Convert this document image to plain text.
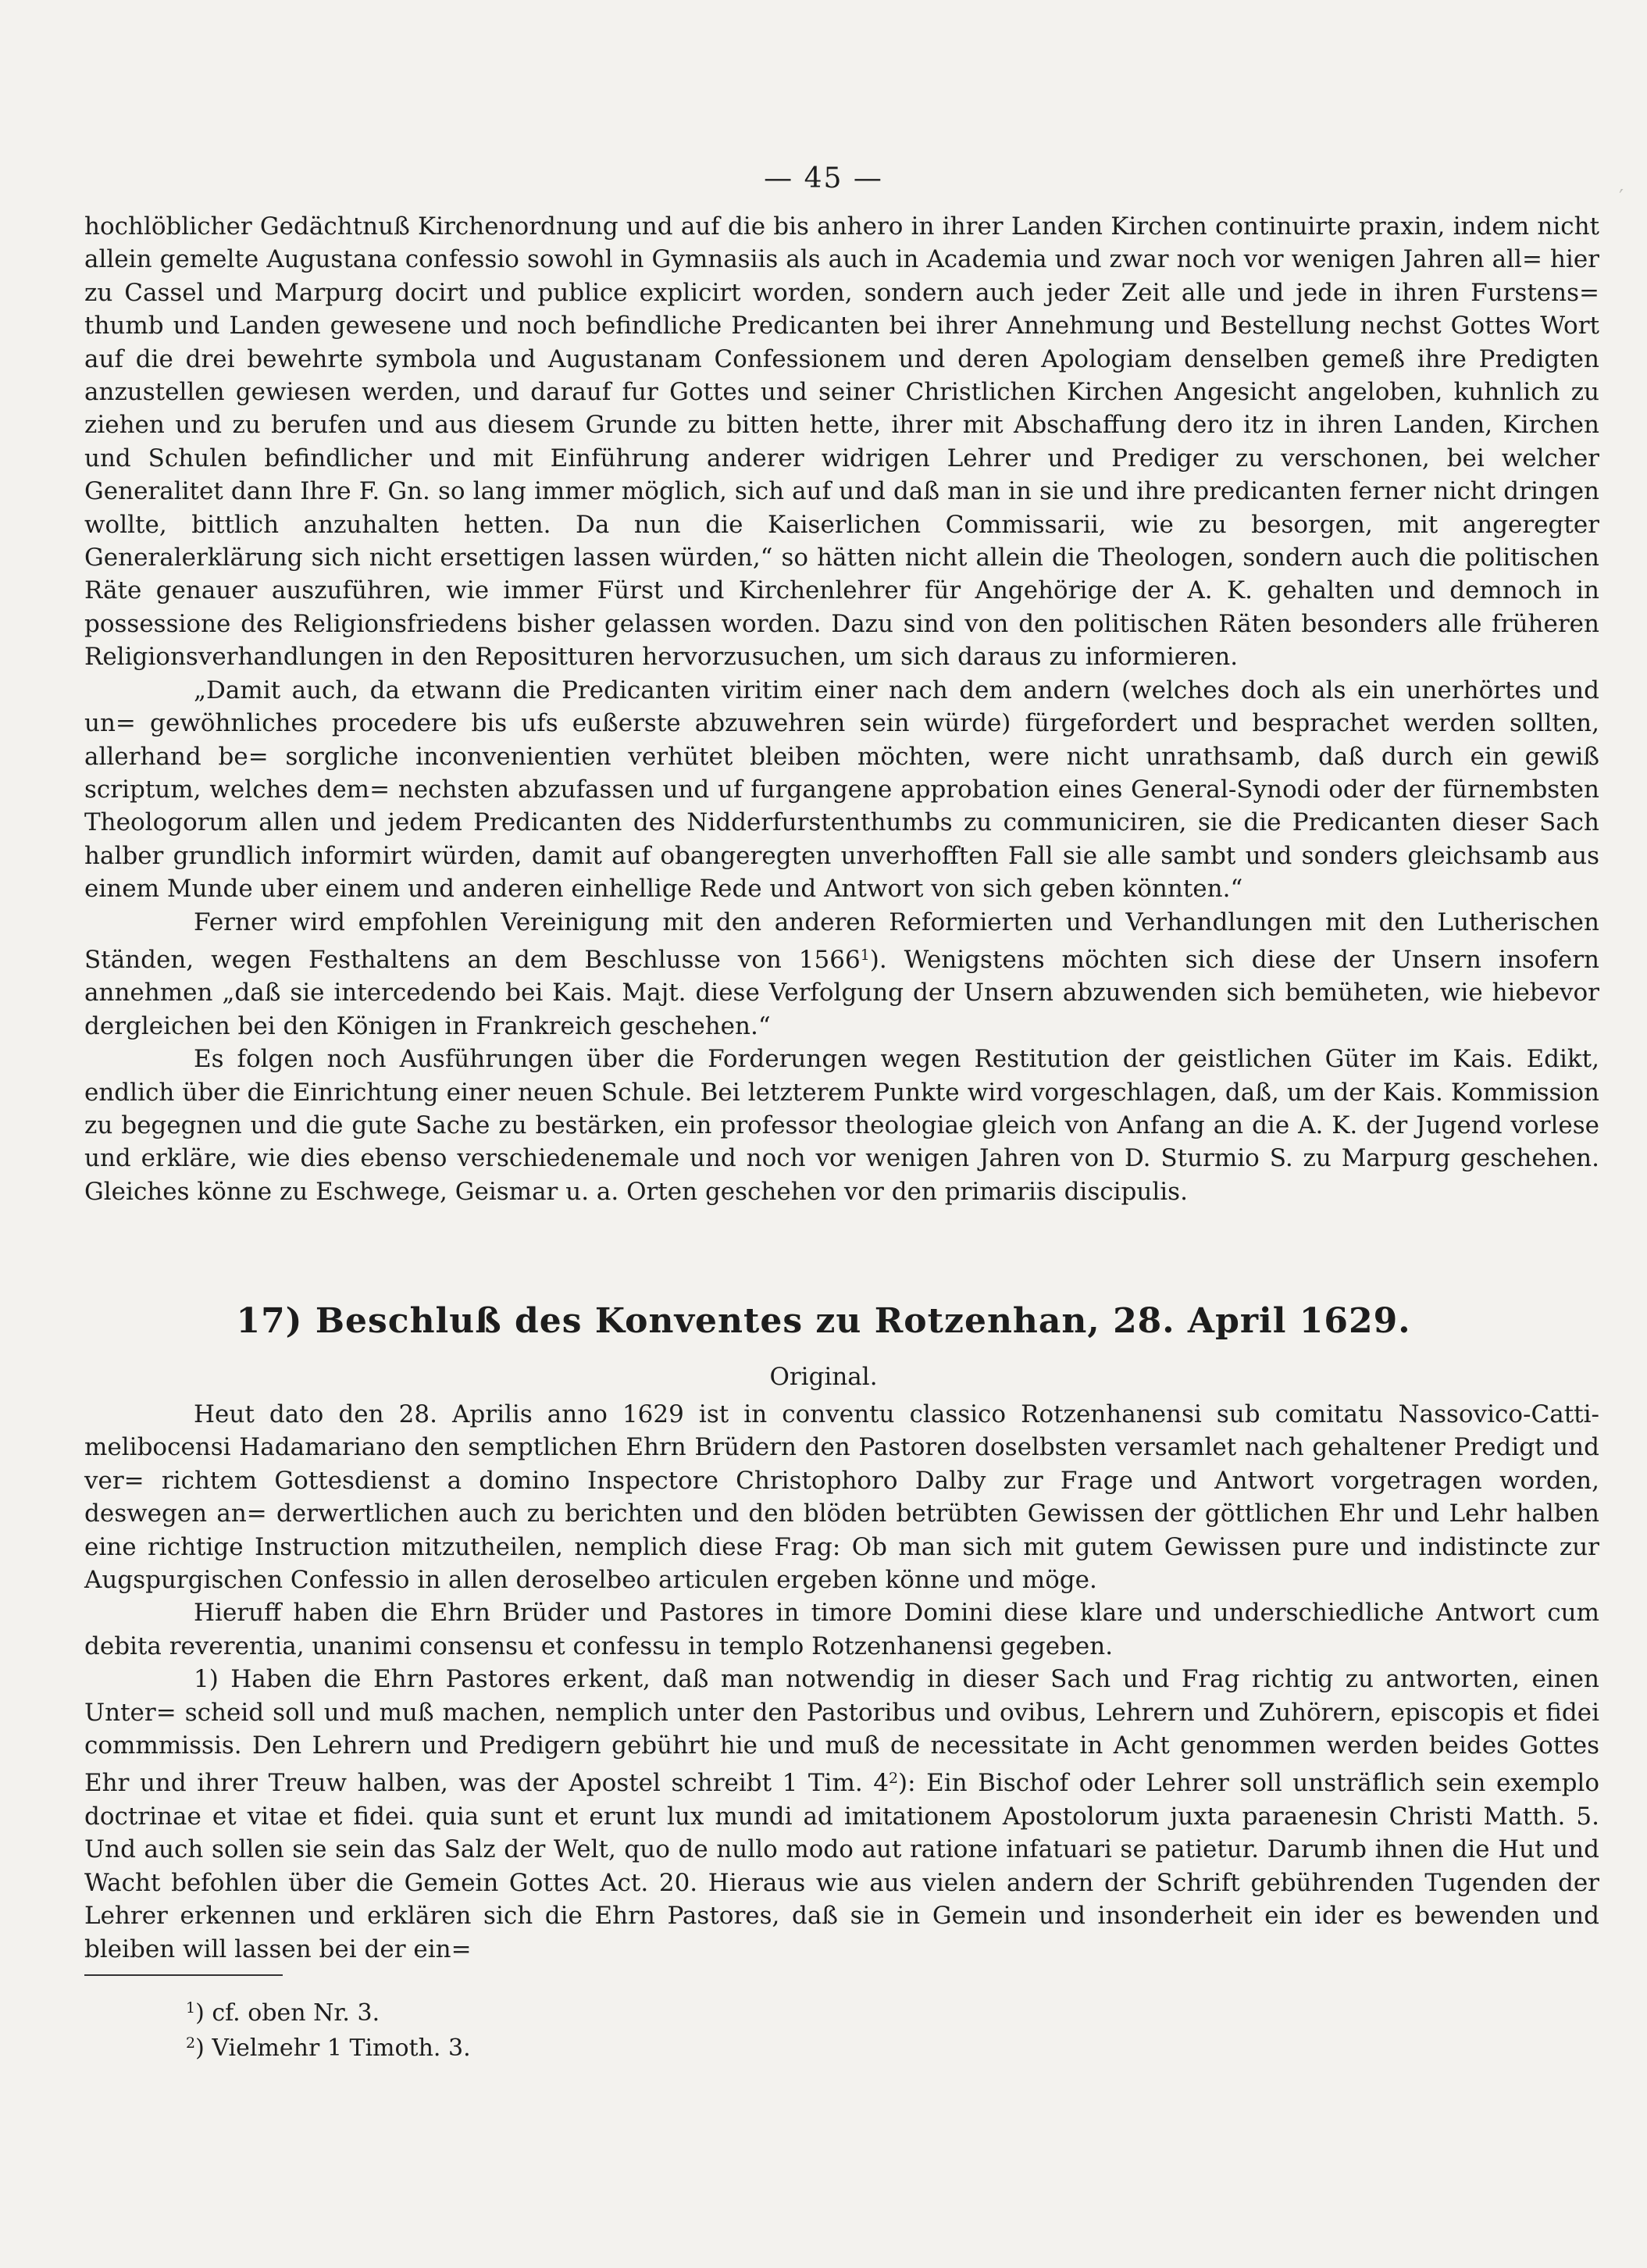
— 45 —
′

hochlöblicher Gedächtnuß Kirchenordnung und auf die bis anhero in ihrer Landen Kirchen continuirte praxin, indem nicht allein gemelte Augustana confessio sowohl in Gymnasiis als auch in Academia und zwar noch vor wenigen Jahren all= hier zu Cassel und Marpurg docirt und publice explicirt worden, sondern auch jeder Zeit alle und jede in ihren Furstens= thumb und Landen gewesene und noch befindliche Predicanten bei ihrer Annehmung und Bestellung nechst Gottes Wort auf die drei bewehrte symbola und Augustanam Confessionem und deren Apologiam denselben gemeß ihre Predigten anzustellen gewiesen werden, und darauf fur Gottes und seiner Christlichen Kirchen Angesicht angeloben, kuhnlich zu ziehen und zu berufen und aus diesem Grunde zu bitten hette, ihrer mit Abschaffung dero itz in ihren Landen, Kirchen und Schulen befindlicher und mit Einführung anderer widrigen Lehrer und Prediger zu verschonen, bei welcher Generalitet dann Ihre F. Gn. so lang immer möglich, sich auf und daß man in sie und ihre predicanten ferner nicht dringen wollte, bittlich anzuhalten hetten. Da nun die Kaiserlichen Commissarii, wie zu besorgen, mit angeregter Generalerklärung sich nicht ersettigen lassen würden,“ so hätten nicht allein die Theologen, sondern auch die politischen Räte genauer auszuführen, wie immer Fürst und Kirchenlehrer für Angehörige der A. K. gehalten und demnoch in possessione des Religionsfriedens bisher gelassen worden. Dazu sind von den politischen Räten besonders alle früheren Religionsverhandlungen in den Repositturen hervorzusuchen, um sich daraus zu informieren.

„Damit auch, da etwann die Predicanten viritim einer nach dem andern (welches doch als ein unerhörtes und un= gewöhnliches procedere bis ufs eußerste abzuwehren sein würde) fürgefordert und besprachet werden sollten, allerhand be= sorgliche inconvenientien verhütet bleiben möchten, were nicht unrathsamb, daß durch ein gewiß scriptum, welches dem= nechsten abzufassen und uf furgangene approbation eines General-Synodi oder der fürnembsten Theologorum allen und jedem Predicanten des Nidderfurstenthumbs zu communiciren, sie die Predicanten dieser Sach halber grundlich informirt würden, damit auf obangeregten unverhofften Fall sie alle sambt und sonders gleichsamb aus einem Munde uber einem und anderen einhellige Rede und Antwort von sich geben könnten.“

Ferner wird empfohlen Vereinigung mit den anderen Reformierten und Verhandlungen mit den Lutherischen Ständen, wegen Festhaltens an dem Beschlusse von 1566$^1$). Wenigstens möchten sich diese der Unsern insofern annehmen „daß sie intercedendo bei Kais. Majt. diese Verfolgung der Unsern abzuwenden sich bemüheten, wie hiebevor dergleichen bei den Königen in Frankreich geschehen.“

Es folgen noch Ausführungen über die Forderungen wegen Restitution der geistlichen Güter im Kais. Edikt, endlich über die Einrichtung einer neuen Schule. Bei letzterem Punkte wird vorgeschlagen, daß, um der Kais. Kommission zu begegnen und die gute Sache zu bestärken, ein professor theologiae gleich von Anfang an die A. K. der Jugend vorlese und erkläre, wie dies ebenso verschiedenemale und noch vor wenigen Jahren von D. Sturmio S. zu Marpurg geschehen. Gleiches könne zu Eschwege, Geismar u. a. Orten geschehen vor den primariis discipulis.

17) Beschluß des Konventes zu Rotzenhan, 28. April 1629.
Original.

Heut dato den 28. Aprilis anno 1629 ist in conventu classico Rotzenhanensi sub comitatu Nassovico-Catti- melibocensi Hadamariano den semptlichen Ehrn Brüdern den Pastoren doselbsten versamlet nach gehaltener Predigt und ver= richtem Gottesdienst a domino Inspectore Christophoro Dalby zur Frage und Antwort vorgetragen worden, deswegen an= derwertlichen auch zu berichten und den blöden betrübten Gewissen der göttlichen Ehr und Lehr halben eine richtige Instruction mitzutheilen, nemplich diese Frag: Ob man sich mit gutem Gewissen pure und indistincte zur Augspurgischen Confessio in allen deroselbeo articulen ergeben könne und möge.

Hieruff haben die Ehrn Brüder und Pastores in timore Domini diese klare und underschiedliche Antwort cum debita reverentia, unanimi consensu et confessu in templo Rotzenhanensi gegeben.

1) Haben die Ehrn Pastores erkent, daß man notwendig in dieser Sach und Frag richtig zu antworten, einen Unter= scheid soll und muß machen, nemplich unter den Pastoribus und ovibus, Lehrern und Zuhörern, episcopis et fidei commmissis. Den Lehrern und Predigern gebührt hie und muß de necessitate in Acht genommen werden beides Gottes Ehr und ihrer Treuw halben, was der Apostel schreibt 1 Tim. 4$^2$): Ein Bischof oder Lehrer soll unsträflich sein exemplo doctrinae et vitae et fidei. quia sunt et erunt lux mundi ad imitationem Apostolorum juxta paraenesin Christi Matth. 5. Und auch sollen sie sein das Salz der Welt, quo de nullo modo aut ratione infatuari se patietur. Darumb ihnen die Hut und Wacht befohlen über die Gemein Gottes Act. 20. Hieraus wie aus vielen andern der Schrift gebührenden Tugenden der Lehrer erkennen und erklären sich die Ehrn Pastores, daß sie in Gemein und insonderheit ein ider es bewenden und bleiben will lassen bei der ein=

$^1$) cf. oben Nr. 3.

$^2$) Vielmehr 1 Timoth. 3.
